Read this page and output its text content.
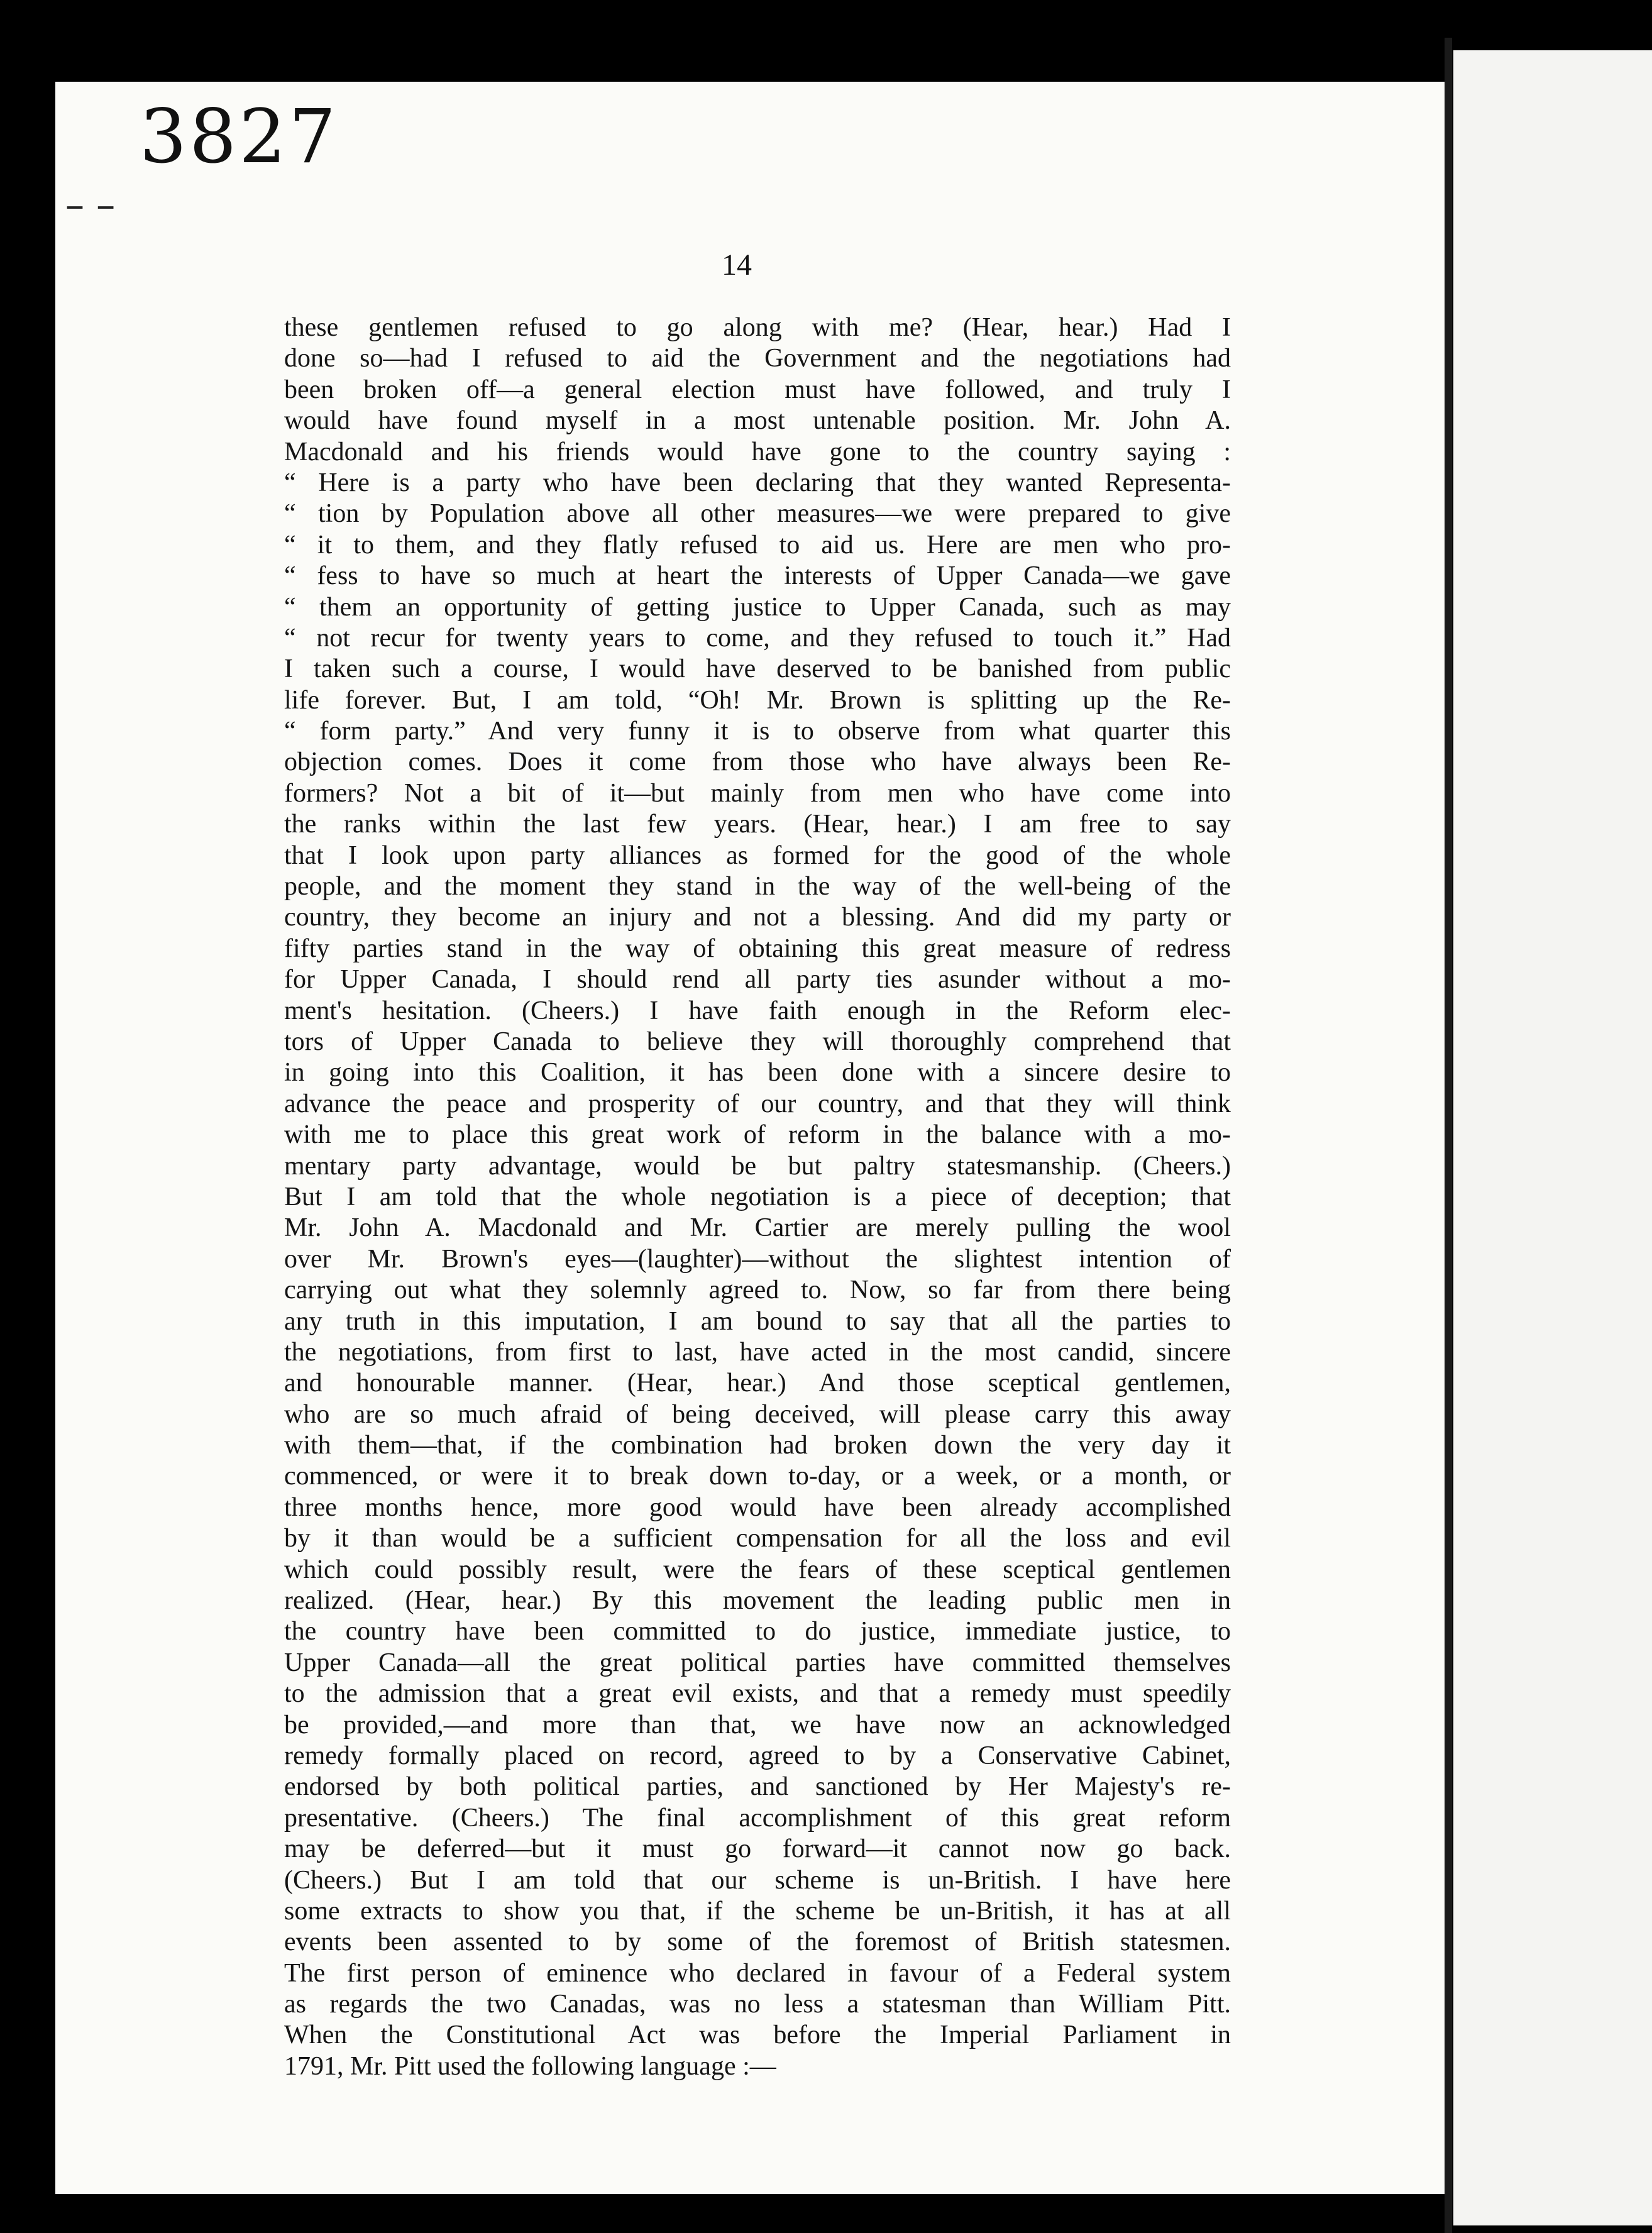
3827
– –
14
these gentlemen refused to go along with me? (Hear, hear.) Had I
done so—had I refused to aid the Government and the negotiations had
been broken off—a general election must have followed, and truly I
would have found myself in a most untenable position. Mr. John A.
Macdonald and his friends would have gone to the country saying :
“ Here is a party who have been declaring that they wanted Representa-
“ tion by Population above all other measures—we were prepared to give
“ it to them, and they flatly refused to aid us. Here are men who pro-
“ fess to have so much at heart the interests of Upper Canada—we gave
“ them an opportunity of getting justice to Upper Canada, such as may
“ not recur for twenty years to come, and they refused to touch it.” Had
I taken such a course, I would have deserved to be banished from public
life forever. But, I am told, “Oh! Mr. Brown is splitting up the Re-
“ form party.” And very funny it is to observe from what quarter this
objection comes. Does it come from those who have always been Re-
formers? Not a bit of it—but mainly from men who have come into
the ranks within the last few years. (Hear, hear.) I am free to say
that I look upon party alliances as formed for the good of the whole
people, and the moment they stand in the way of the well-being of the
country, they become an injury and not a blessing. And did my party or
fifty parties stand in the way of obtaining this great measure of redress
for Upper Canada, I should rend all party ties asunder without a mo-
ment's hesitation. (Cheers.) I have faith enough in the Reform elec-
tors of Upper Canada to believe they will thoroughly comprehend that
in going into this Coalition, it has been done with a sincere desire to
advance the peace and prosperity of our country, and that they will think
with me to place this great work of reform in the balance with a mo-
mentary party advantage, would be but paltry statesmanship. (Cheers.)
But I am told that the whole negotiation is a piece of deception; that
Mr. John A. Macdonald and Mr. Cartier are merely pulling the wool
over Mr. Brown's eyes—(laughter)—without the slightest intention of
carrying out what they solemnly agreed to. Now, so far from there being
any truth in this imputation, I am bound to say that all the parties to
the negotiations, from first to last, have acted in the most candid, sincere
and honourable manner. (Hear, hear.) And those sceptical gentlemen,
who are so much afraid of being deceived, will please carry this away
with them—that, if the combination had broken down the very day it
commenced, or were it to break down to-day, or a week, or a month, or
three months hence, more good would have been already accomplished
by it than would be a sufficient compensation for all the loss and evil
which could possibly result, were the fears of these sceptical gentlemen
realized. (Hear, hear.) By this movement the leading public men in
the country have been committed to do justice, immediate justice, to
Upper Canada—all the great political parties have committed themselves
to the admission that a great evil exists, and that a remedy must speedily
be provided,—and more than that, we have now an acknowledged
remedy formally placed on record, agreed to by a Conservative Cabinet,
endorsed by both political parties, and sanctioned by Her Majesty's re-
presentative. (Cheers.) The final accomplishment of this great reform
may be deferred—but it must go forward—it cannot now go back.
(Cheers.) But I am told that our scheme is un-British. I have here
some extracts to show you that, if the scheme be un-British, it has at all
events been assented to by some of the foremost of British statesmen.
The first person of eminence who declared in favour of a Federal system
as regards the two Canadas, was no less a statesman than William Pitt.
When the Constitutional Act was before the Imperial Parliament in
1791, Mr. Pitt used the following language :—
